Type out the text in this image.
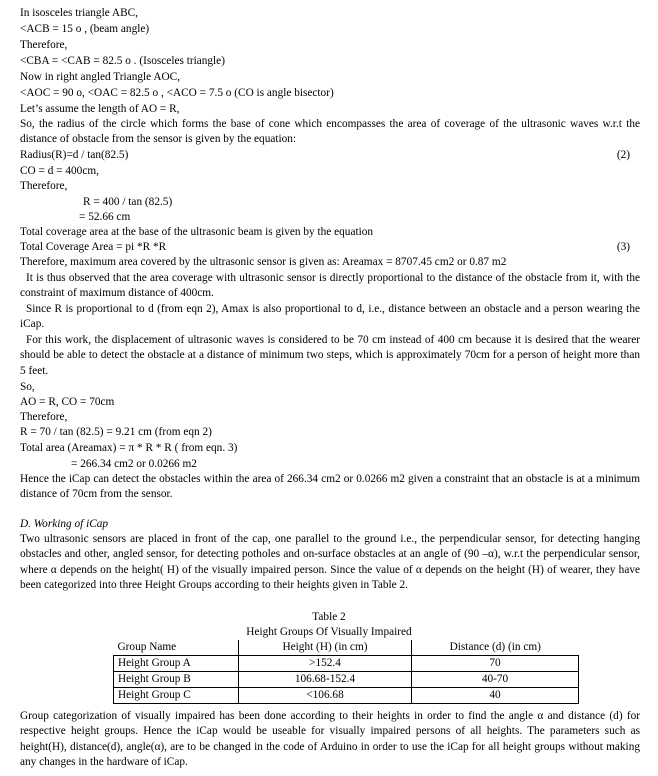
In isosceles triangle ABC,
<ACB = 15 o , (beam angle)
Therefore,
<CBA = <CAB = 82.5 o . (Isosceles triangle)
Now in right angled Triangle AOC,
<AOC = 90 o, <OAC = 82.5 o , <ACO = 7.5 o (CO is angle bisector)
Let’s assume the length of AO = R,
So, the radius of the circle which forms the base of cone which encompasses the area of coverage of the ultrasonic waves w.r.t the distance of obstacle from the sensor is given by the equation:
Radius(R)=d / tan(82.5)	(2)
CO = d = 400cm,
Therefore,
R = 400 / tan (82.5)
= 52.66 cm
Total coverage area at the base of the ultrasonic beam is given by the equation
Total Coverage Area = pi *R *R	(3)
Therefore, maximum area covered by the ultrasonic sensor is given as: Areamax = 8707.45 cm2 or 0.87 m2
It is thus observed that the area coverage with ultrasonic sensor is directly proportional to the distance of the obstacle from it, with the constraint of maximum distance of 400cm.
Since R is proportional to d (from eqn 2), Amax is also proportional to d, i.e., distance between an obstacle and a person wearing the iCap.
For this work, the displacement of ultrasonic waves is considered to be 70 cm instead of 400 cm because it is desired that the wearer should be able to detect the obstacle at a distance of minimum two steps, which is approximately 70cm for a person of height more than 5 feet.
So,
AO = R, CO = 70cm
Therefore,
R = 70 / tan (82.5) = 9.21 cm (from eqn 2)
Total area (Areamax) = π * R * R ( from eqn. 3)
= 266.34 cm2 or 0.0266 m2
Hence the iCap can detect the obstacles within the area of 266.34 cm2 or 0.0266 m2 given a constraint that an obstacle is at a minimum distance of 70cm from the sensor.
D. Working of iCap
Two ultrasonic sensors are placed in front of the cap, one parallel to the ground i.e., the perpendicular sensor, for detecting hanging obstacles and other, angled sensor, for detecting potholes and on-surface obstacles at an angle of (90 –α), w.r.t the perpendicular sensor, where α depends on the height( H) of the visually impaired person. Since the value of α depends on the height (H) of wearer, they have been categorized into three Height Groups according to their heights given in Table 2.
Table 2
Height Groups Of Visually Impaired
Group Name	Height (H) (in cm)	Distance (d) (in cm)
Height Group A	>152.4	70
Height Group B	106.68-152.4	40-70
Height Group C	<106.68	40
Group categorization of visually impaired has been done according to their heights in order to find the angle α and distance (d) for respective height groups. Hence the iCap would be useable for visually impaired persons of all heights. The parameters such as height(H), distance(d), angle(α), are to be changed in the code of Arduino in order to use the iCap for all height groups without making any changes in the hardware of iCap.
